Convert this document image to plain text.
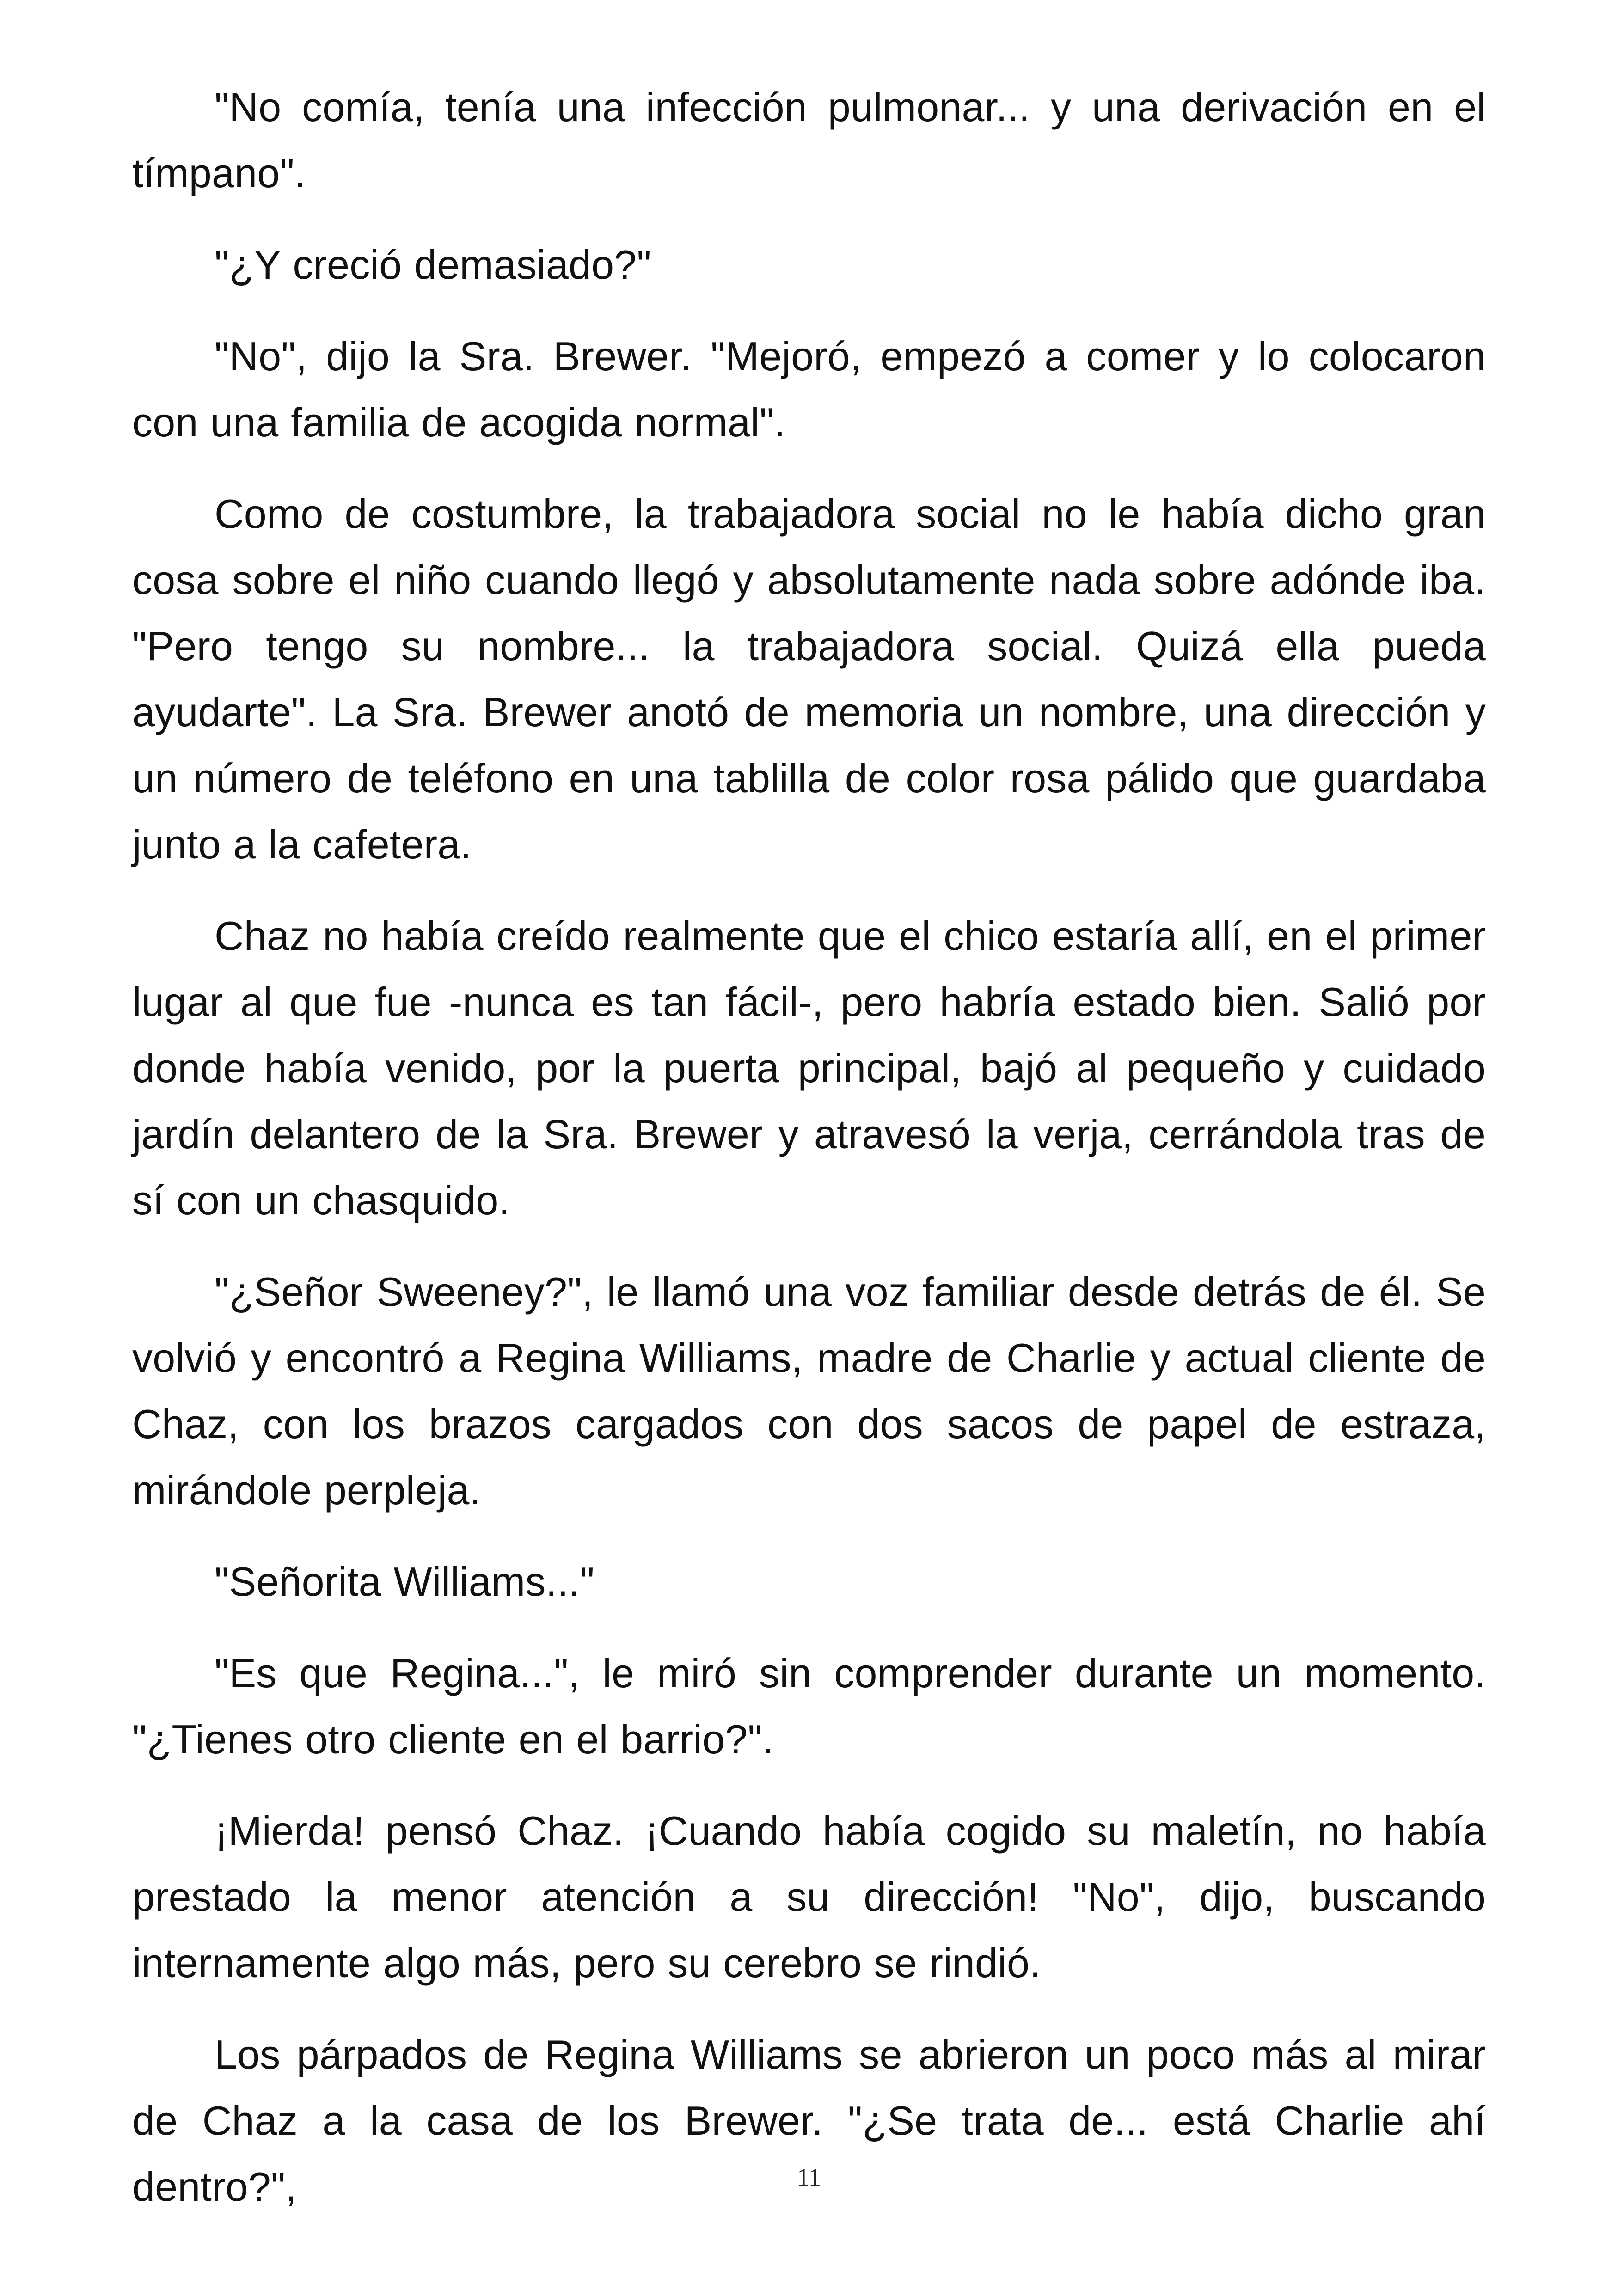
"No comía, tenía una infección pulmonar... y una derivación en el tímpano".

"¿Y creció demasiado?"

"No", dijo la Sra. Brewer. "Mejoró, empezó a comer y lo colocaron con una familia de acogida normal".

Como de costumbre, la trabajadora social no le había dicho gran cosa sobre el niño cuando llegó y absolutamente nada sobre adónde iba. "Pero tengo su nombre... la trabajadora social. Quizá ella pueda ayudarte". La Sra. Brewer anotó de memoria un nombre, una dirección y un número de teléfono en una tablilla de color rosa pálido que guardaba junto a la cafetera.

Chaz no había creído realmente que el chico estaría allí, en el primer lugar al que fue -nunca es tan fácil-, pero habría estado bien. Salió por donde había venido, por la puerta principal, bajó al pequeño y cuidado jardín delantero de la Sra. Brewer y atravesó la verja, cerrándola tras de sí con un chasquido.

"¿Señor Sweeney?", le llamó una voz familiar desde detrás de él. Se volvió y encontró a Regina Williams, madre de Charlie y actual cliente de Chaz, con los brazos cargados con dos sacos de papel de estraza, mirándole perpleja.

"Señorita Williams..."

"Es que Regina...", le miró sin comprender durante un momento. "¿Tienes otro cliente en el barrio?".

¡Mierda! pensó Chaz. ¡Cuando había cogido su maletín, no había prestado la menor atención a su dirección! "No", dijo, buscando internamente algo más, pero su cerebro se rindió.

Los párpados de Regina Williams se abrieron un poco más al mirar de Chaz a la casa de los Brewer. "¿Se trata de... está Charlie ahí dentro?",	11
